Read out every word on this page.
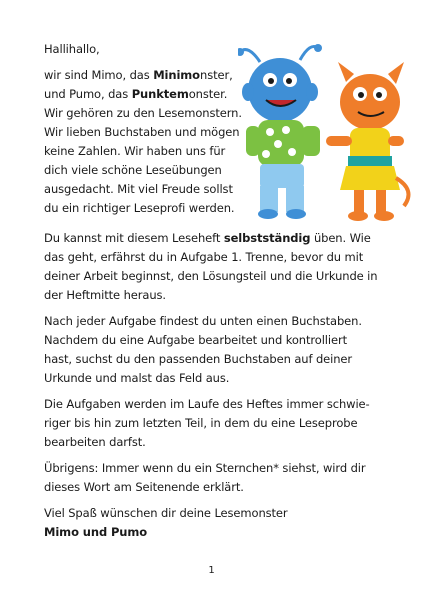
Hallihallo,
wir sind Mimo, das Minimonster,
und Pumo, das Punktemonster.
Wir gehören zu den Lesemonstern.
Wir lieben Buchstaben und mögen
keine Zahlen. Wir haben uns für
dich viele schöne Leseübungen
ausgedacht. Mit viel Freude sollst
du ein richtiger Leseprofi werden.
Du kannst mit diesem Leseheft selbstständig üben. Wie
das geht, erfährst du in Aufgabe 1. Trenne, bevor du mit
deiner Arbeit beginnst, den Lösungsteil und die Urkunde in
der Heftmitte heraus.
Nach jeder Aufgabe findest du unten einen Buchstaben.
Nachdem du eine Aufgabe bearbeitet und kontrolliert
hast, suchst du den passenden Buchstaben auf deiner
Urkunde und malst das Feld aus.
Die Aufgaben werden im Laufe des Heftes immer schwie-
riger bis hin zum letzten Teil, in dem du eine Leseprobe
bearbeiten darfst.
Übrigens: Immer wenn du ein Sternchen* siehst, wird dir
dieses Wort am Seitenende erklärt.
Viel Spaß wünschen dir deine Lesemonster
Mimo und Pumo
1
